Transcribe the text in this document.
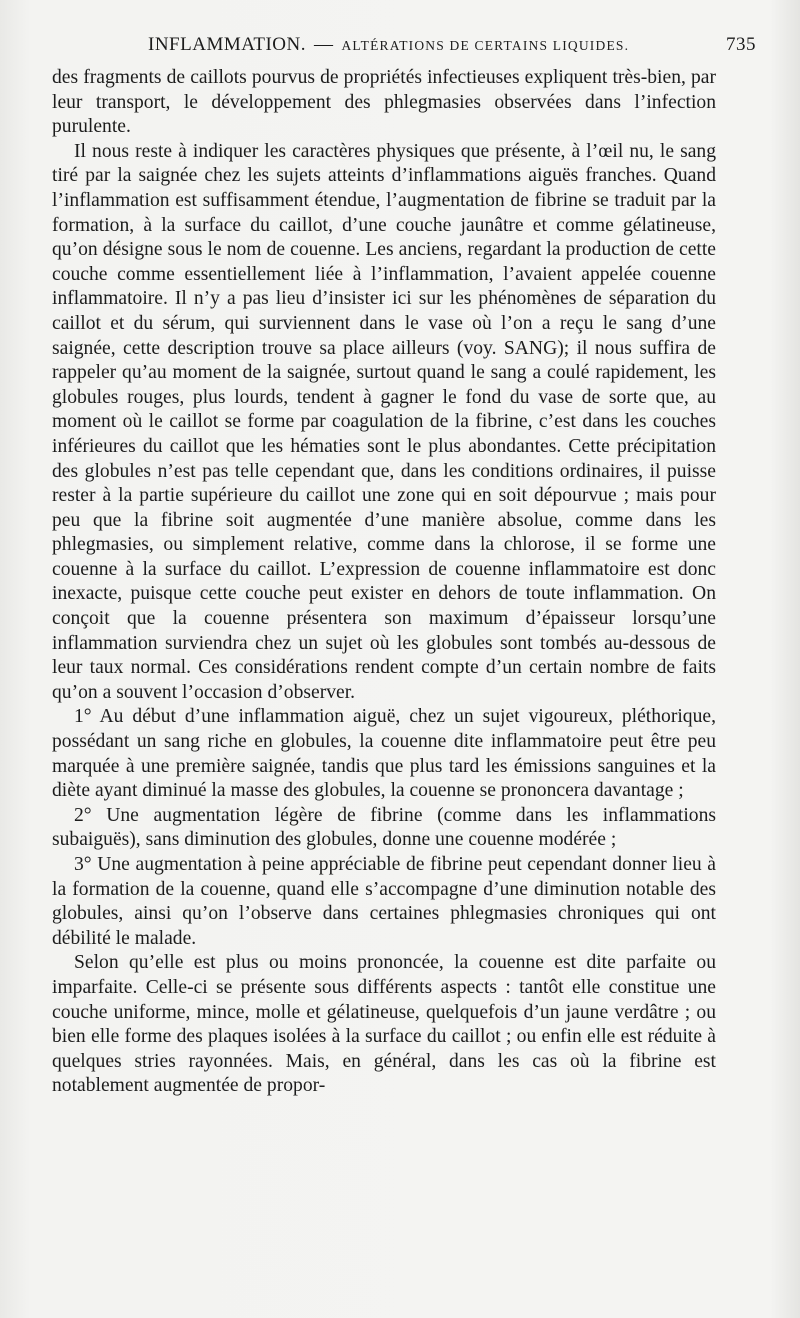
INFLAMMATION. — ALTÉRATIONS DE CERTAINS LIQUIDES.	735

des fragments de caillots pourvus de propriétés infectieuses expliquent très-bien, par leur transport, le développement des phlegmasies observées dans l’infection purulente.

Il nous reste à indiquer les caractères physiques que présente, à l’œil nu, le sang tiré par la saignée chez les sujets atteints d’inflammations aiguës franches. Quand l’inflammation est suffisamment étendue, l’augmentation de fibrine se traduit par la formation, à la surface du caillot, d’une couche jaunâtre et comme gélatineuse, qu’on désigne sous le nom de couenne. Les anciens, regardant la production de cette couche comme essentiellement liée à l’inflammation, l’avaient appelée couenne inflammatoire. Il n’y a pas lieu d’insister ici sur les phénomènes de séparation du caillot et du sérum, qui surviennent dans le vase où l’on a reçu le sang d’une saignée, cette description trouve sa place ailleurs (voy. SANG); il nous suffira de rappeler qu’au moment de la saignée, surtout quand le sang a coulé rapidement, les globules rouges, plus lourds, tendent à gagner le fond du vase de sorte que, au moment où le caillot se forme par coagulation de la fibrine, c’est dans les couches inférieures du caillot que les hématies sont le plus abondantes. Cette précipitation des globules n’est pas telle cependant que, dans les conditions ordinaires, il puisse rester à la partie supérieure du caillot une zone qui en soit dépourvue ; mais pour peu que la fibrine soit augmentée d’une manière absolue, comme dans les phlegmasies, ou simplement relative, comme dans la chlorose, il se forme une couenne à la surface du caillot. L’expression de couenne inflammatoire est donc inexacte, puisque cette couche peut exister en dehors de toute inflammation. On conçoit que la couenne présentera son maximum d’épaisseur lorsqu’une inflammation surviendra chez un sujet où les globules sont tombés au-dessous de leur taux normal. Ces considérations rendent compte d’un certain nombre de faits qu’on a souvent l’occasion d’observer.

1° Au début d’une inflammation aiguë, chez un sujet vigoureux, pléthorique, possédant un sang riche en globules, la couenne dite inflammatoire peut être peu marquée à une première saignée, tandis que plus tard les émissions sanguines et la diète ayant diminué la masse des globules, la couenne se prononcera davantage ;

2° Une augmentation légère de fibrine (comme dans les inflammations subaiguës), sans diminution des globules, donne une couenne modérée ;

3° Une augmentation à peine appréciable de fibrine peut cependant donner lieu à la formation de la couenne, quand elle s’accompagne d’une diminution notable des globules, ainsi qu’on l’observe dans certaines phlegmasies chroniques qui ont débilité le malade.

Selon qu’elle est plus ou moins prononcée, la couenne est dite parfaite ou imparfaite. Celle-ci se présente sous différents aspects : tantôt elle constitue une couche uniforme, mince, molle et gélatineuse, quelquefois d’un jaune verdâtre ; ou bien elle forme des plaques isolées à la surface du caillot ; ou enfin elle est réduite à quelques stries rayonnées. Mais, en général, dans les cas où la fibrine est notablement augmentée de propor-
